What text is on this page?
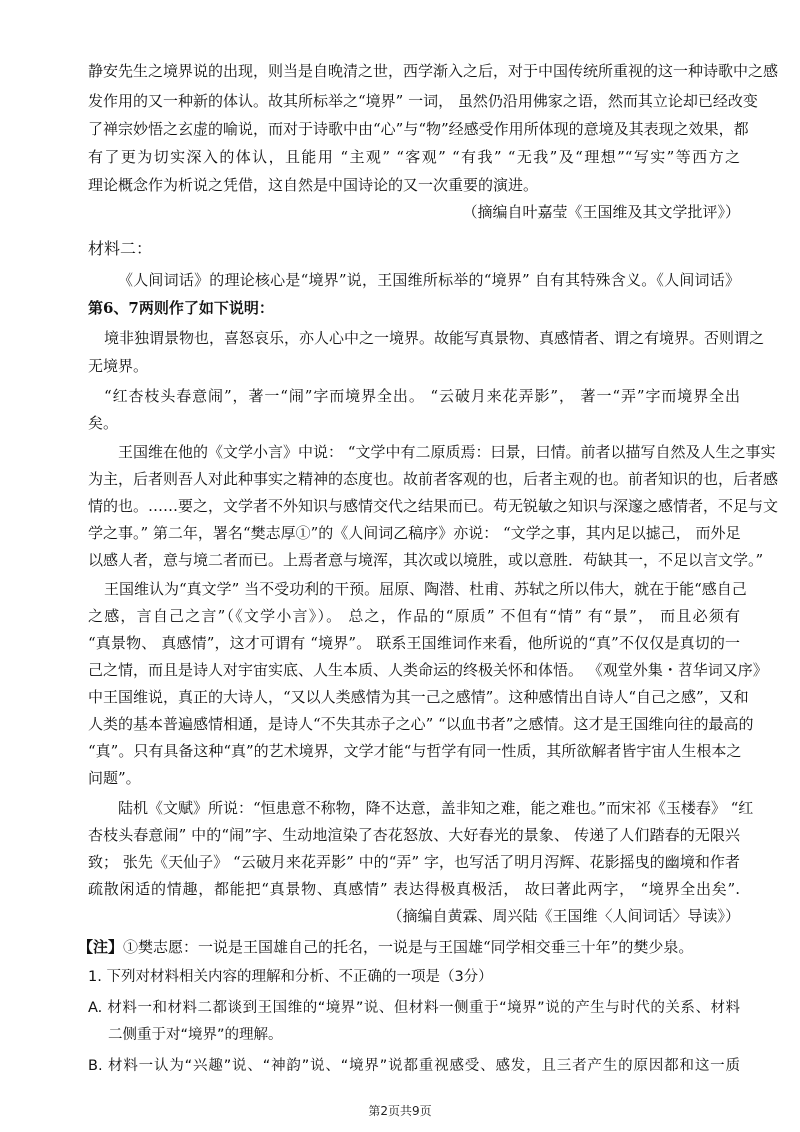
静安先生之境界说的出现，则当是自晚清之世，西学渐入之后，对于中国传统所重视的这一种诗歌中之感
发作用的又一种新的体认。故其所标举之“境界” 一词， 虽然仍沿用佛家之语，然而其立论却已经改变
了禅宗妙悟之玄虚的喻说，而对于诗歌中由“心”与“物”经感受作用所体现的意境及其表现之效果，都
有了更为切实深入的体认，且能用 “主观” “客观” “有我” “无我”及“理想”“写实”等西方之
理论概念作为析说之凭借，这自然是中国诗论的又一次重要的演进。
（摘编自叶嘉莹《王国维及其文学批评》）
材料二：
《人间词话》的理论核心是“境界”说，王国维所标举的“境界” 自有其特殊含义。《人间词话》
第6、7两则作了如下说明：
境非独谓景物也，喜怒哀乐，亦人心中之一境界。故能写真景物、真感情者、谓之有境界。否则谓之
无境界。
“红杏枝头春意闹”，著一“闹”字而境界全出。 “云破月来花弄影”， 著一“弄”字而境界全出
矣。
王国维在他的《文学小言》中说： “文学中有二原质焉：曰景，曰情。前者以描写自然及人生之事实
为主，后者则吾人对此种事实之精神的态度也。故前者客观的也，后者主观的也。前者知识的也，后者感
情的也。……要之，文学者不外知识与感情交代之结果而已。苟无锐敏之知识与深邃之感情者，不足与文
学之事。” 第二年，署名“樊志厚①”的《人间词乙稿序》亦说： “文学之事，其内足以摅己， 而外足
以感人者，意与境二者而已。上焉者意与境浑，其次或以境胜，或以意胜．苟缺其一，不足以言文学。”
王国维认为“真文学” 当不受功利的干预。屈原、陶潜、杜甫、苏轼之所以伟大，就在于能“感自己
之感，言自己之言”（《文学小言》）。 总之，作品的“原质” 不但有“情” 有“景”， 而且必须有
“真景物、 真感情”，这才可谓有 “境界”。 联系王国维词作来看，他所说的“真”不仅仅是真切的一
己之情，而且是诗人对宇宙实底、人生本质、人类命运的终极关怀和体悟。 《观堂外集・苕华词又序》
中王国维说，真正的大诗人，“又以人类感情为其一己之感情”。这种感情出自诗人“自己之感”，又和
人类的基本普遍感情相通，是诗人“不失其赤子之心” “以血书者”之感情。这才是王国维向往的最高的
“真”。只有具备这种“真”的艺术境界，文学才能“与哲学有同一性质，其所欲解者皆宇宙人生根本之
问题”。
陆机《文赋》所说：“恒患意不称物，降不达意，盖非知之难，能之难也。”而宋祁《玉楼春》 “红
杏枝头春意闹” 中的“闹”字、生动地渲染了杏花怒放、大好春光的景象、 传递了人们踏春的无限兴
致； 张先《天仙子》 “云破月来花弄影” 中的“弄” 字，也写活了明月泻辉、花影摇曳的幽境和作者
疏散闲适的情趣，都能把“真景物、真感情” 表达得极真极活， 故曰著此两字， “境界全出矣”.
（摘编自黄霖、周兴陆《王国维〈人间词话〉导读》）
【注】①樊志愿：一说是王国雄自己的托名，一说是与王国雄“同学相交垂三十年”的樊少泉。
1. 下列对材料相关内容的理解和分析、不正确的一项是（3分）
A. 材料一和材料二都谈到王国维的“境界”说、但材料一侧重于“境界”说的产生与时代的关系、材料
二侧重于对“境界”的理解。
B. 材料一认为“兴趣”说、“神韵”说、“境界”说都重视感受、感发，且三者产生的原因都和这一质
第2页共9页
